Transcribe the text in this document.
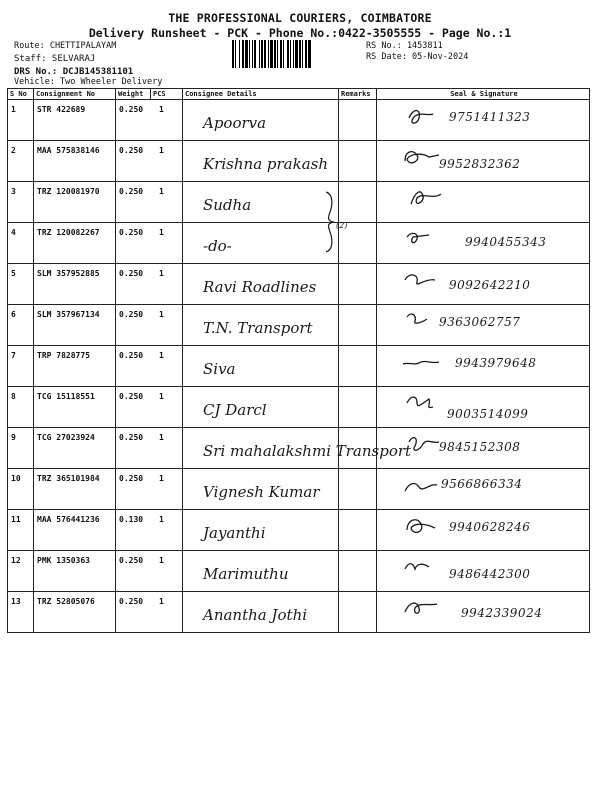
THE PROFESSIONAL COURIERS, COIMBATORE
Delivery Runsheet - PCK - Phone No.:0422-3505555 - Page No.:1
Route: CHETTIPALAYAM
Staff: SELVARAJ
DRS No.: DCJB145381101
Vehicle: Two Wheeler Delivery
RS No.: 1453811
RS Date: 05-Nov-2024
S No	Consignment No	Weight	PCS	Consignee Details	Remarks	Seal & Signature

1	STR 422689	0.250 1		Apoorva		9751411323

2	MAA 575838146	0.250 1		Krishna prakash		9952832362

3	TRZ 120081970	0.250 1		Sudha

4	TRZ 120082267	0.250 1		-do-		9940455343

5	SLM 357952885	0.250 1		Ravi Roadlines		9092642210

6	SLM 357967134	0.250 1		T.N. Transport		9363062757

7	TRP 7828775	0.250 1		Siva		9943979648

8	TCG 15118551	0.250 1		CJ Darcl		9003514099

9	TCG 27023924	0.250 1		Sri mahalakshmi Transport		9845152308

10	TRZ 365101984	0.250 1		Vignesh Kumar		9566866334

11	MAA 576441236	0.130 1		Jayanthi		9940628246

12	PMK 1350363	0.250 1		Marimuthu		9486442300

13	TRZ 52805076	0.250 1		Anantha Jothi		9942339024
(2)
